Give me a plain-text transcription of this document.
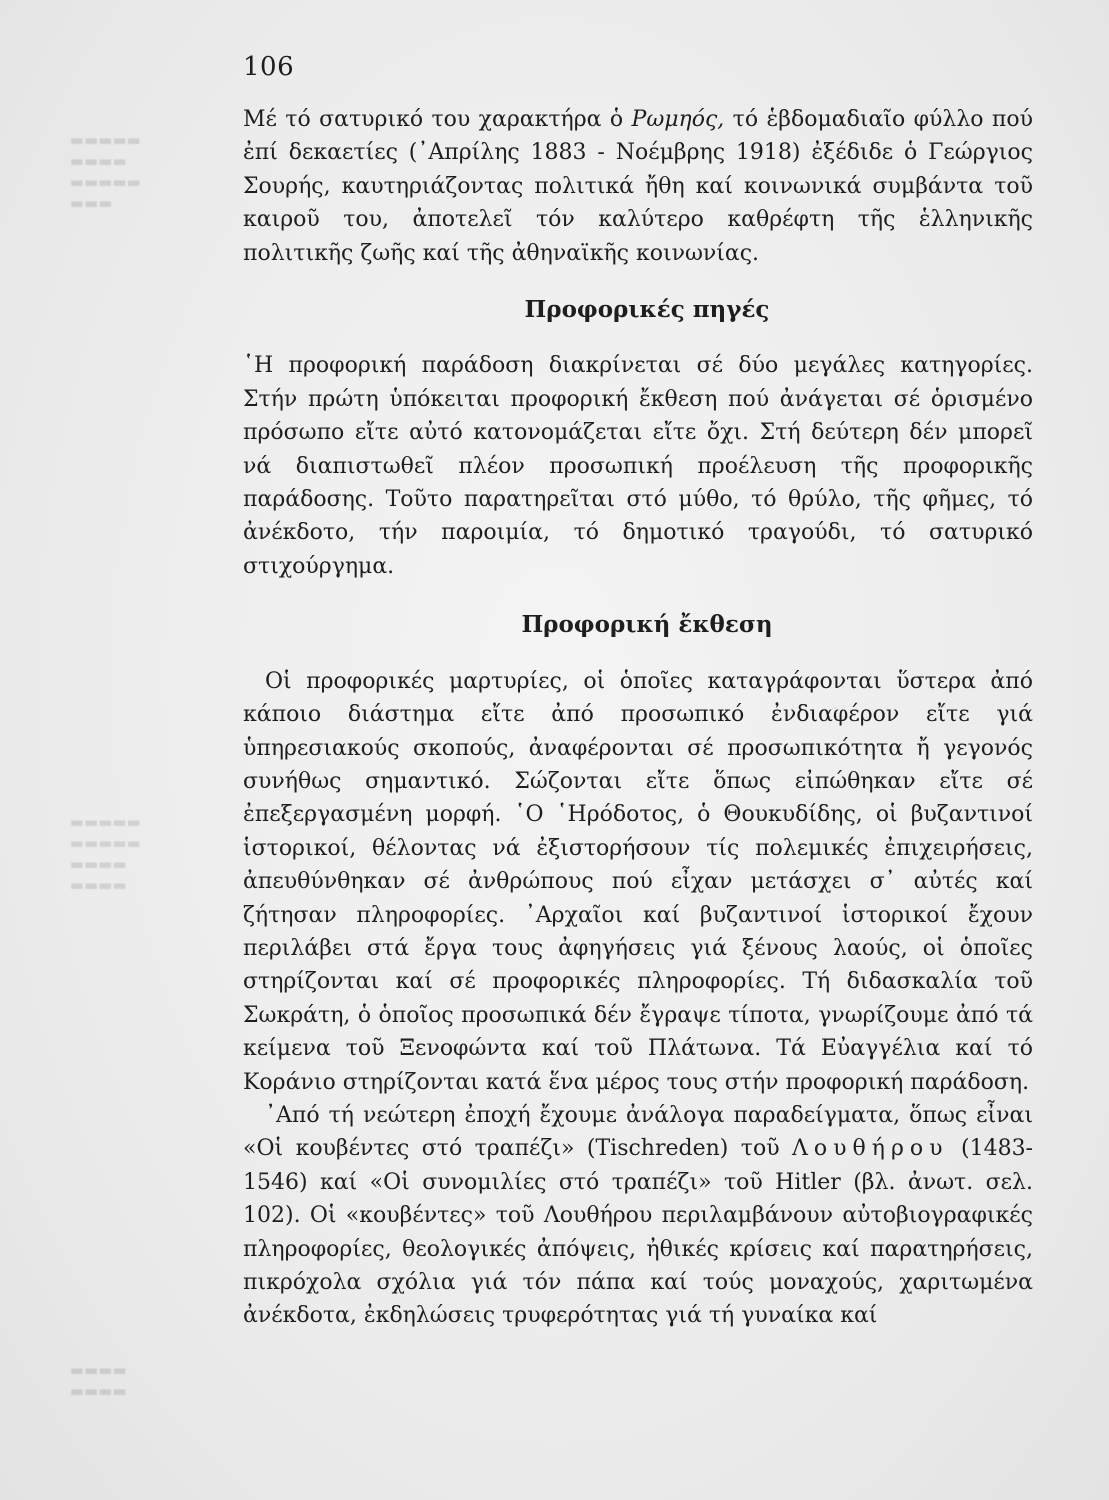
106

Μέ τό σατυρικό του χαρακτήρα ὁ Ρωμηός, τό ἑβδομαδιαῖο φύλλο πού ἐπί δεκαετίες (᾿Απρίλης 1883 - Νοέμβρης 1918) ἐξέδιδε ὁ Γεώργιος Σουρής, καυτηριάζοντας πολιτικά ἤθη καί κοινωνικά συμβάντα τοῦ καιροῦ του, ἀποτελεῖ τόν καλύτερο καθρέφτη τῆς ἑλληνικῆς πολιτικῆς ζωῆς καί τῆς ἀθηναϊκῆς κοινωνίας.

Προφορικές πηγές

῾Η προφορική παράδοση διακρίνεται σέ δύο μεγάλες κατηγορίες. Στήν πρώτη ὑπόκειται προφορική ἔκθεση πού ἀνάγεται σέ ὁρισμένο πρόσωπο εἴτε αὐτό κατονομάζεται εἴτε ὄχι. Στή δεύτερη δέν μπορεῖ νά διαπιστωθεῖ πλέον προσωπική προέλευση τῆς προφορικῆς παράδοσης. Τοῦτο παρατηρεῖται στό μύθο, τό θρύλο, τῆς φῆμες, τό ἀνέκδοτο, τήν παροιμία, τό δημοτικό τραγούδι, τό σατυρικό στιχούργημα.

Προφορική ἔκθεση

Οἱ προφορικές μαρτυρίες, οἱ ὁποῖες καταγράφονται ὕστερα ἀπό κάποιο διάστημα εἴτε ἀπό προσωπικό ἐνδιαφέρον εἴτε γιά ὑπηρεσιακούς σκοπούς, ἀναφέρονται σέ προσωπικότητα ἤ γεγονός συνήθως σημαντικό. Σώζονται εἴτε ὅπως εἰπώθηκαν εἴτε σέ ἐπεξεργασμένη μορφή. ῾Ο ῾Ηρόδοτος, ὁ Θουκυδίδης, οἱ βυζαντινοί ἱστορικοί, θέλοντας νά ἐξιστορήσουν τίς πολεμικές ἐπιχειρήσεις, ἀπευθύνθηκαν σέ ἀνθρώπους πού εἶχαν μετάσχει σ᾿ αὐτές καί ζήτησαν πληροφορίες. ᾿Αρχαῖοι καί βυζαντινοί ἱστορικοί ἔχουν περιλάβει στά ἔργα τους ἀφηγήσεις γιά ξένους λαούς, οἱ ὁποῖες στηρίζονται καί σέ προφορικές πληροφορίες. Τή διδασκαλία τοῦ Σωκράτη, ὁ ὁποῖος προσωπικά δέν ἔγραψε τίποτα, γνωρίζουμε ἀπό τά κείμενα τοῦ Ξενοφώντα καί τοῦ Πλάτωνα. Τά Εὐαγγέλια καί τό Κοράνιο στηρίζονται κατά ἕνα μέρος τους στήν προφορική παράδοση.

᾿Από τή νεώτερη ἐποχή ἔχουμε ἀνάλογα παραδείγματα, ὅπως εἶναι «Οἱ κουβέντες στό τραπέζι» (Tischreden) τοῦ Λουθήρου (1483-1546) καί «Οἱ συνομιλίες στό τραπέζι» τοῦ Hitler (βλ. ἀνωτ. σελ. 102). Οἱ «κουβέντες» τοῦ Λουθήρου περιλαμβάνουν αὐτοβιογραφικές πληροφορίες, θεολογικές ἀπόψεις, ἠθικές κρίσεις καί παρατηρήσεις, πικρόχολα σχόλια γιά τόν πάπα καί τούς μοναχούς, χαριτωμένα ἀνέκδοτα, ἐκδηλώσεις τρυφερότητας γιά τή γυναίκα καί

▬▬▬▬▬
▬▬▬▬
▬▬▬▬▬
▬▬▬
▬▬▬▬▬
▬▬▬▬▬
▬▬▬▬
▬▬▬▬
▬▬▬▬
▬▬▬▬
